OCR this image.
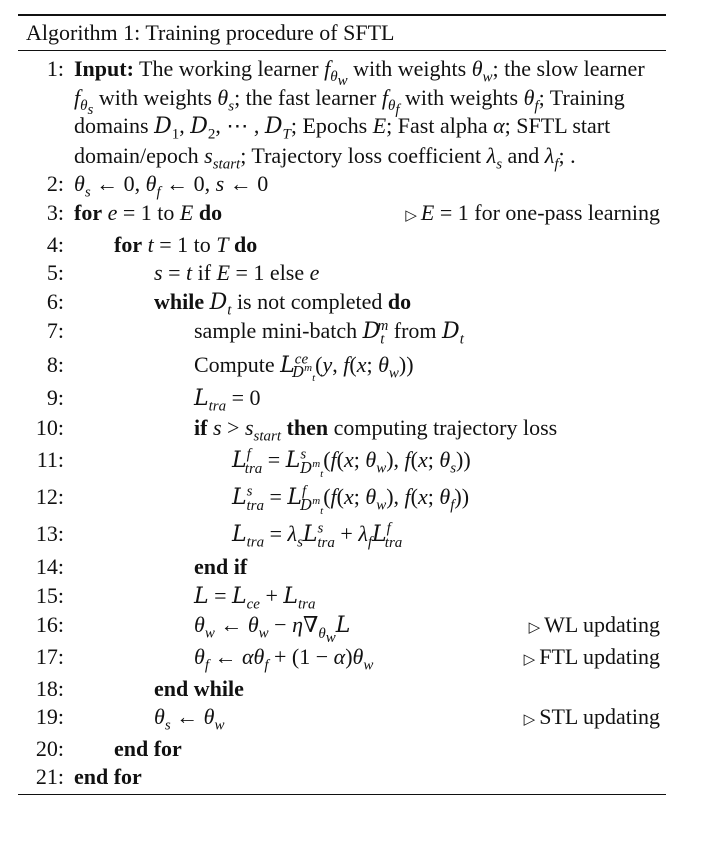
Algorithm 1: Training procedure of SFTL
1: Input: The working learner $f_{\theta_w}$ with weights $\theta_w$; the slow learner $f_{\theta_s}$ with weights $\theta_s$; the fast learner $f_{\theta_f}$ with weights $\theta_f$; Training domains $D_1$, $D_2$, ⋯ , $D_T$; Epochs E; Fast alpha α; SFTL start domain/epoch $s_{start}$; Trajectory loss coefficient $\lambda_s$ and $\lambda_f$; .
2: $\theta_s$ ← 0, $\theta_f$ ← 0, s ← 0
3: for e = 1 to E do	▷ E = 1 for one-pass learning
4: for t = 1 to T do
5:	s = t if E = 1 else e
6:	while $D_t$ is not completed do
7:	sample mini-batch $D_t^m$ from $D_t$
8:	Compute $L^{ce}_{D^m_t}(y$, f(x; $\theta_w$))
9:	$L_{tra} = 0$
10:	if $s > s_{start}$ then computing trajectory loss
11:	$L^f_{tra} = L^s_{D^m_t}(f(x$; $\theta_w$), f(x; $\theta_s$))
12:	$L^s_{tra} = L^f_{D^m_t}(f(x$; $\theta_w$), f(x; $\theta_f$))
13:	$L_{tra} = \lambda_sL^s_{tra} + \lambda_fL^f_{tra}$
14:	end if
15:	$L = L_{ce} + L_{tra}$
16:	$\theta_w$ ← $\theta_w - \eta\nabla_{\theta_w}L$	▷ WL updating
17:	$\theta_f$ ← $\alpha\theta_f + (1 - \alpha)\theta_w$	▷ FTL updating
18:	end while
19:	$\theta_s$ ← $\theta_w$	▷ STL updating
20: end for
21: end for
